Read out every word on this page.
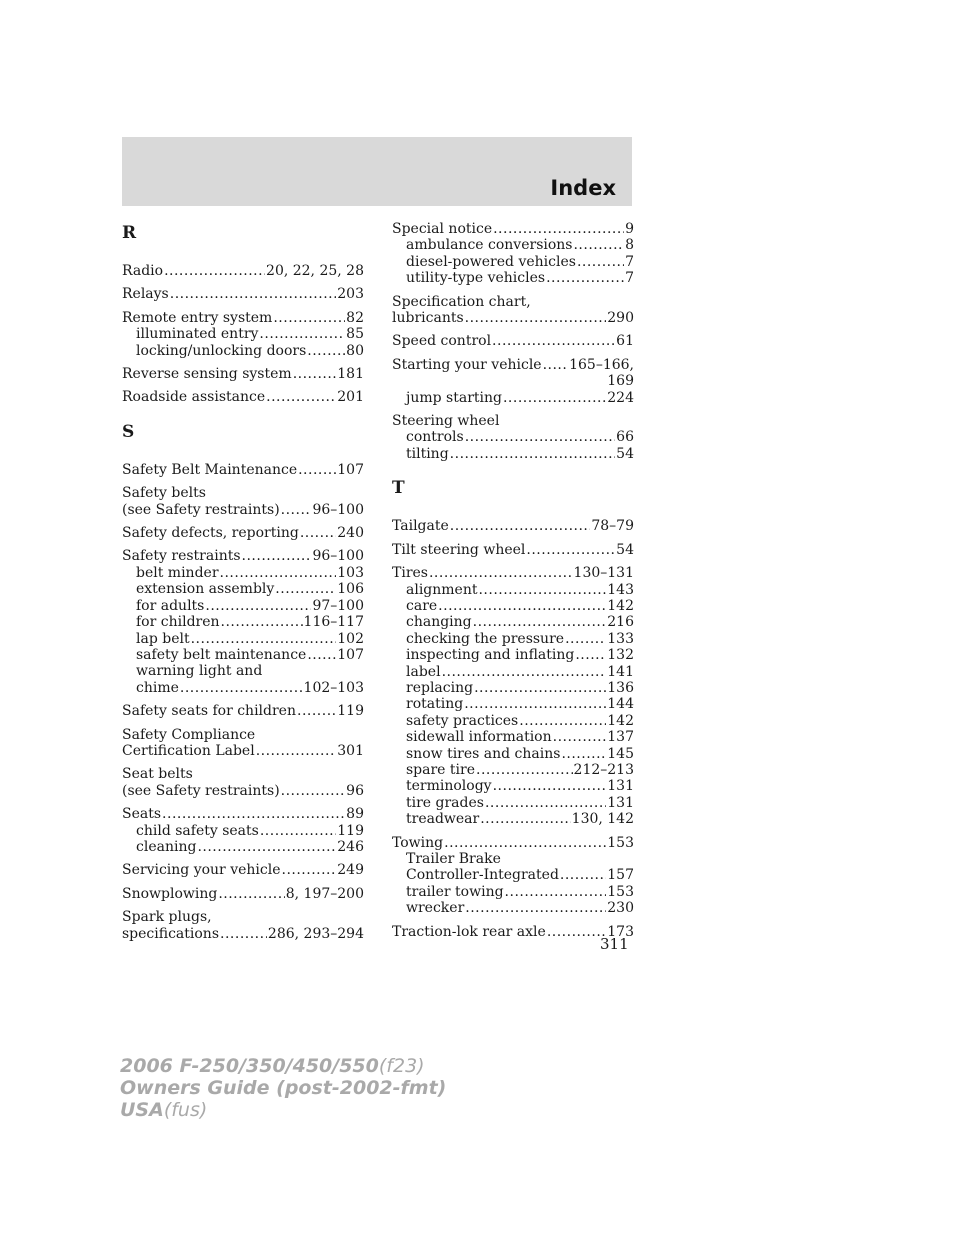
Index
R
Radio .....	20, 22, 25, 28
Relays .....	203
Remote entry system .....	82
illuminated entry .....	85
locking/unlocking doors .....	80
Reverse sensing system .....	181
Roadside assistance .....	201
S
Safety Belt Maintenance .....	107
Safety belts
(see Safety restraints) ..... 96–100
Safety defects, reporting .....	240
Safety restraints .....	96–100
belt minder .....	103
extension assembly .....	106
for adults .....	97–100
for children .....	116–117
lap belt .....	102
safety belt maintenance ..... 107
warning light and
chime .....	102–103
Safety seats for children .....	119
Safety Compliance
Certification Label .....	301
Seat belts
(see Safety restraints) .....	96
Seats .....	89
child safety seats .....	119
cleaning .....	246
Servicing your vehicle .....	249
Snowplowing .....	8, 197–200
Spark plugs,
specifications .....	286, 293–294
Special notice .....	9
ambulance conversions .....	8
diesel-powered vehicles .....	7
utility-type vehicles .....	7
Specification chart,
lubricants .....	290
Speed control .....	61
Starting your vehicle ..... 165–166,
169
jump starting .....	224
Steering wheel
controls .....	66
tilting .....	54
T
Tailgate .....	78–79
Tilt steering wheel .....	54
Tires .....	130–131
alignment .....	143
care .....	142
changing .....	216
checking the pressure .....	133
inspecting and inflating ..... 132
label .....	141
replacing .....	136
rotating .....	144
safety practices .....	142
sidewall information .....	137
snow tires and chains .....	145
spare tire .....	212–213
terminology .....	131
tire grades .....	131
treadwear .....	130, 142
Towing .....	153
Trailer Brake
Controller-Integrated .....	157
trailer towing .....	153
wrecker .....	230
Traction-lok rear axle .....	173
311
2006 F-250/350/450/550(f23)
Owners Guide (post-2002-fmt)
USA(fus)
